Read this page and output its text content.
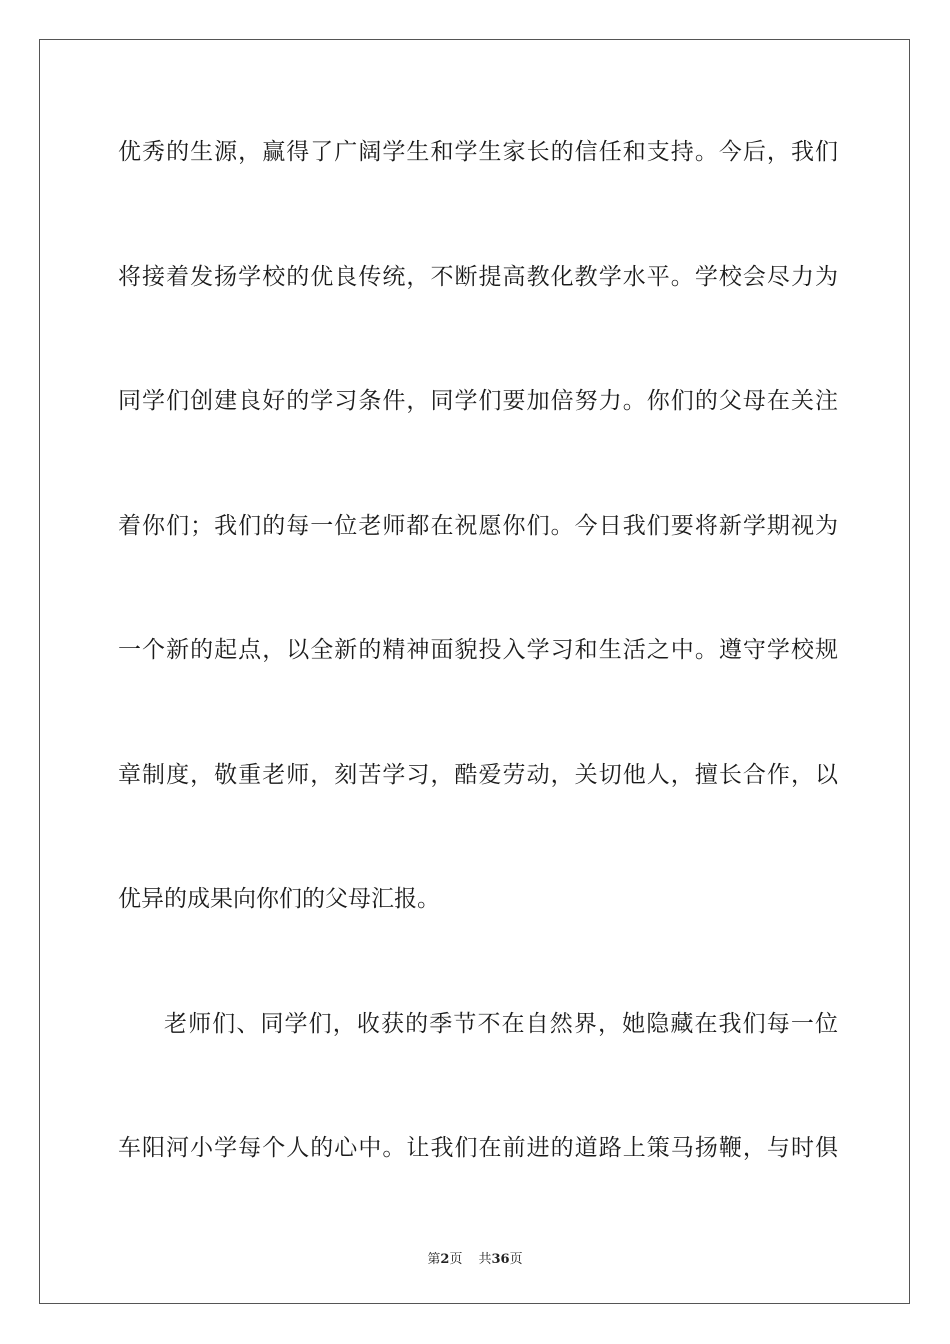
优秀的生源，赢得了广阔学生和学生家长的信任和支持。今后，我们
将接着发扬学校的优良传统，不断提高教化教学水平。学校会尽力为
同学们创建良好的学习条件，同学们要加倍努力。你们的父母在关注
着你们；我们的每一位老师都在祝愿你们。今日我们要将新学期视为
一个新的起点，以全新的精神面貌投入学习和生活之中。遵守学校规
章制度，敬重老师，刻苦学习，酷爱劳动，关切他人，擅长合作，以
优异的成果向你们的父母汇报。
老师们、同学们，收获的季节不在自然界，她隐藏在我们每一位
车阳河小学每个人的心中。让我们在前进的道路上策马扬鞭，与时俱
第2页 共36页
